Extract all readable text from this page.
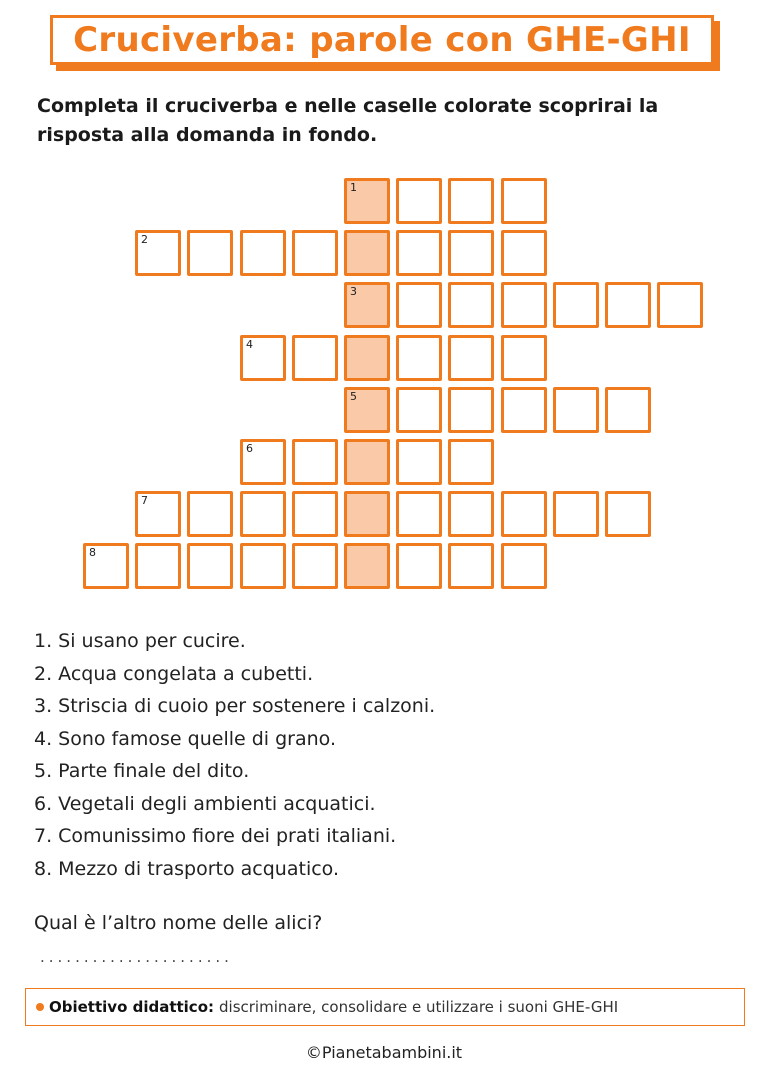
Cruciverba: parole con GHE-GHI
Completa il cruciverba e nelle caselle colorate scoprirai la risposta alla domanda in fondo.
1
2
3
4
5
6
7
8
1. Si usano per cucire.
2. Acqua congelata a cubetti.
3. Striscia di cuoio per sostenere i calzoni.
4. Sono famose quelle di grano.
5. Parte finale del dito.
6. Vegetali degli ambienti acquatici.
7. Comunissimo fiore dei prati italiani.
8. Mezzo di trasporto acquatico.
Qual è l’altro nome delle alici?
......................
Obiettivo didattico: discriminare, consolidare e utilizzare i suoni GHE-GHI
©Pianetabambini.it
